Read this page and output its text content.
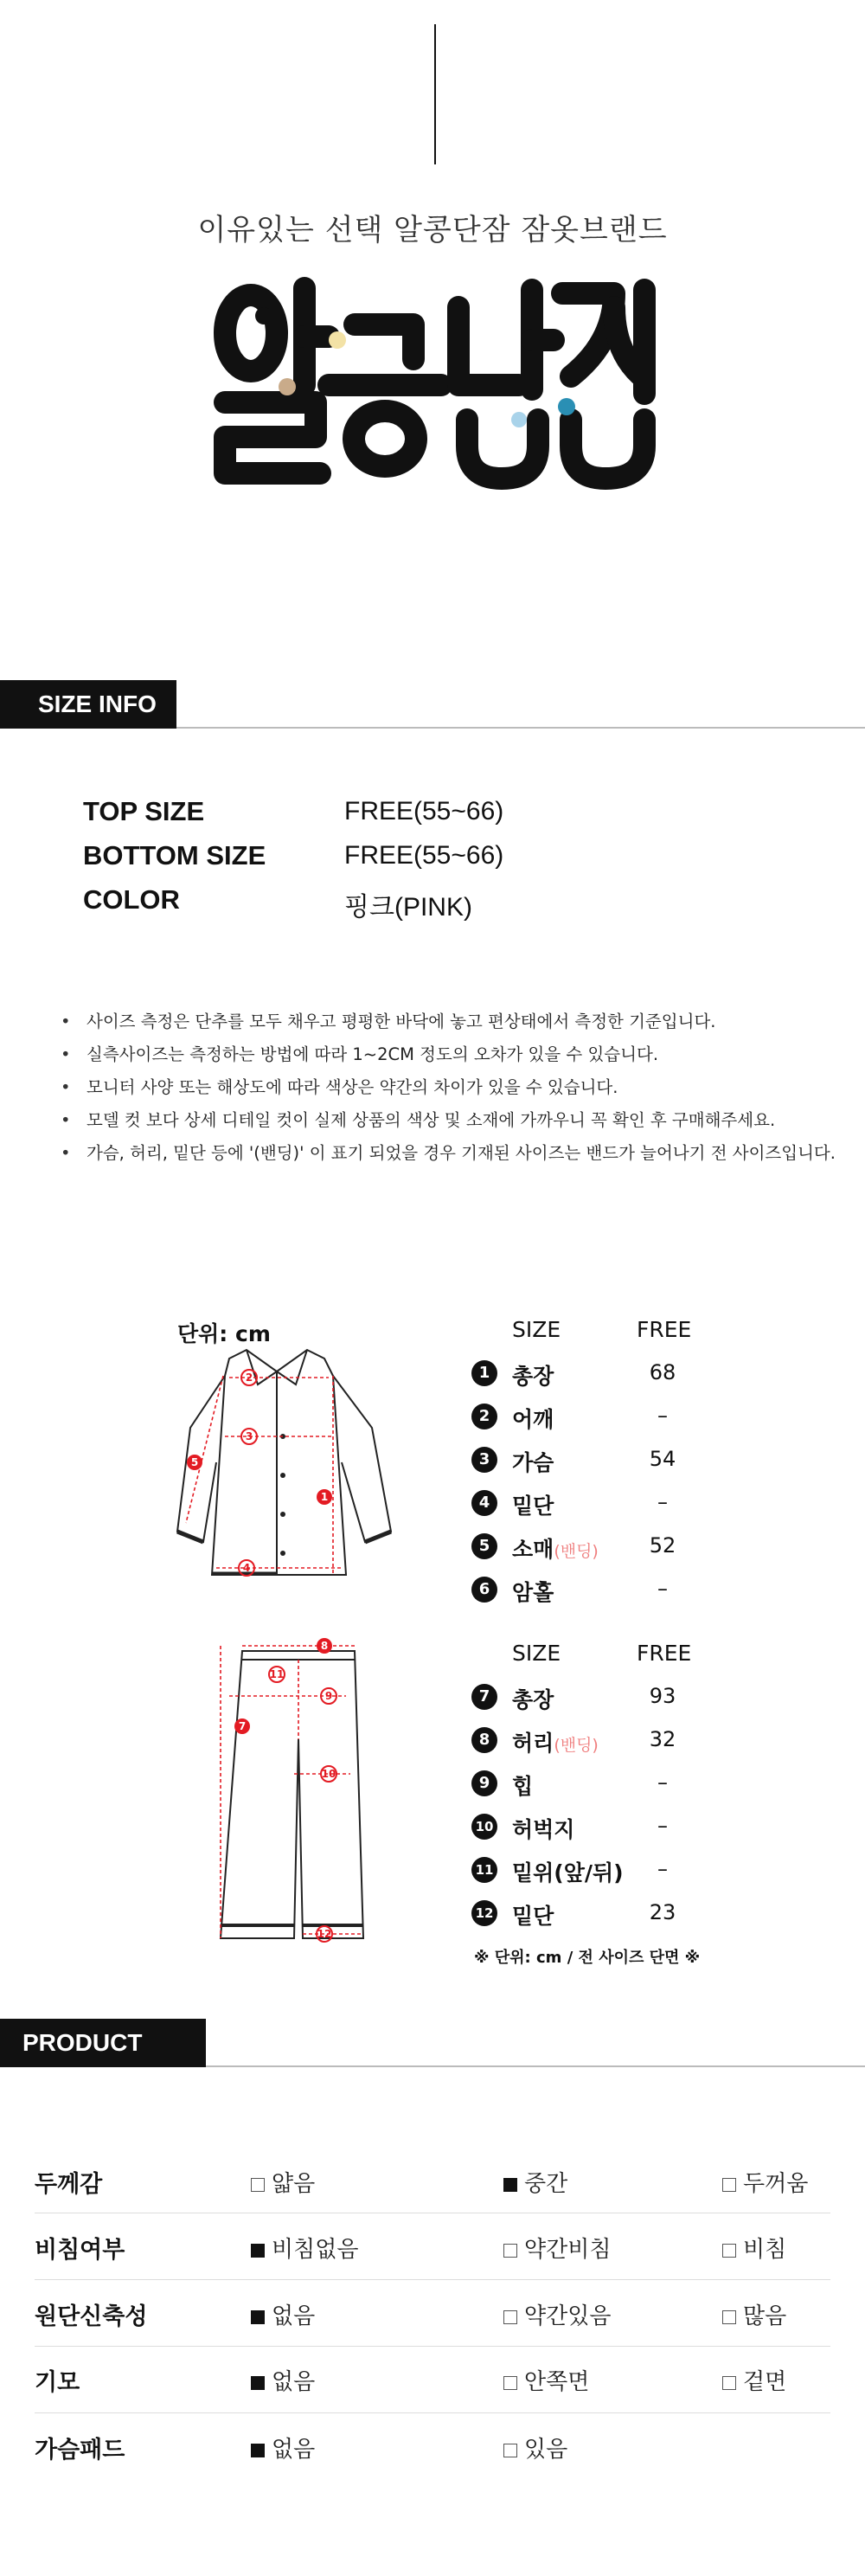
이유있는 선택 알콩단잠 잠옷브랜드
SIZE INFO
TOP SIZE	FREE(55~66)
BOTTOM SIZE	FREE(55~66)
COLOR	핑크(PINK)
• 사이즈 측정은 단추를 모두 채우고 평평한 바닥에 놓고 편상태에서 측정한 기준입니다.
• 실측사이즈는 측정하는 방법에 따라 1~2CM 정도의 오차가 있을 수 있습니다.
• 모니터 사양 또는 해상도에 따라 색상은 약간의 차이가 있을 수 있습니다.
• 모델 컷 보다 상세 디테일 컷이 실제 상품의 색상 및 소재에 가까우니 꼭 확인 후 구매해주세요.
• 가슴, 허리, 밑단 등에 '(밴딩)' 이 표기 되었을 경우 기재된 사이즈는 밴드가 늘어나기 전 사이즈입니다.
단위: cm
2
3
1
5
4
8
11
9
7
10
12
SIZE	FREE
1	총장	68
2	어깨	–
3	가슴	54
4	밑단	–
5	소매(밴딩)	52
6	암홀	–
SIZE	FREE
7	총장	93
8	허리(밴딩)	32
9	힙	–
10 허벅지	–
11 밑위(앞/뒤)	–
12 밑단	23
※ 단위: cm / 전 사이즈 단면 ※
PRODUCT INFO
두께감	얇음	중간	두꺼움
비침여부	비침없음	약간비침	비침
원단신축성	없음	약간있음	많음
기모	없음	안쪽면	겉면
가슴패드	없음	있음
